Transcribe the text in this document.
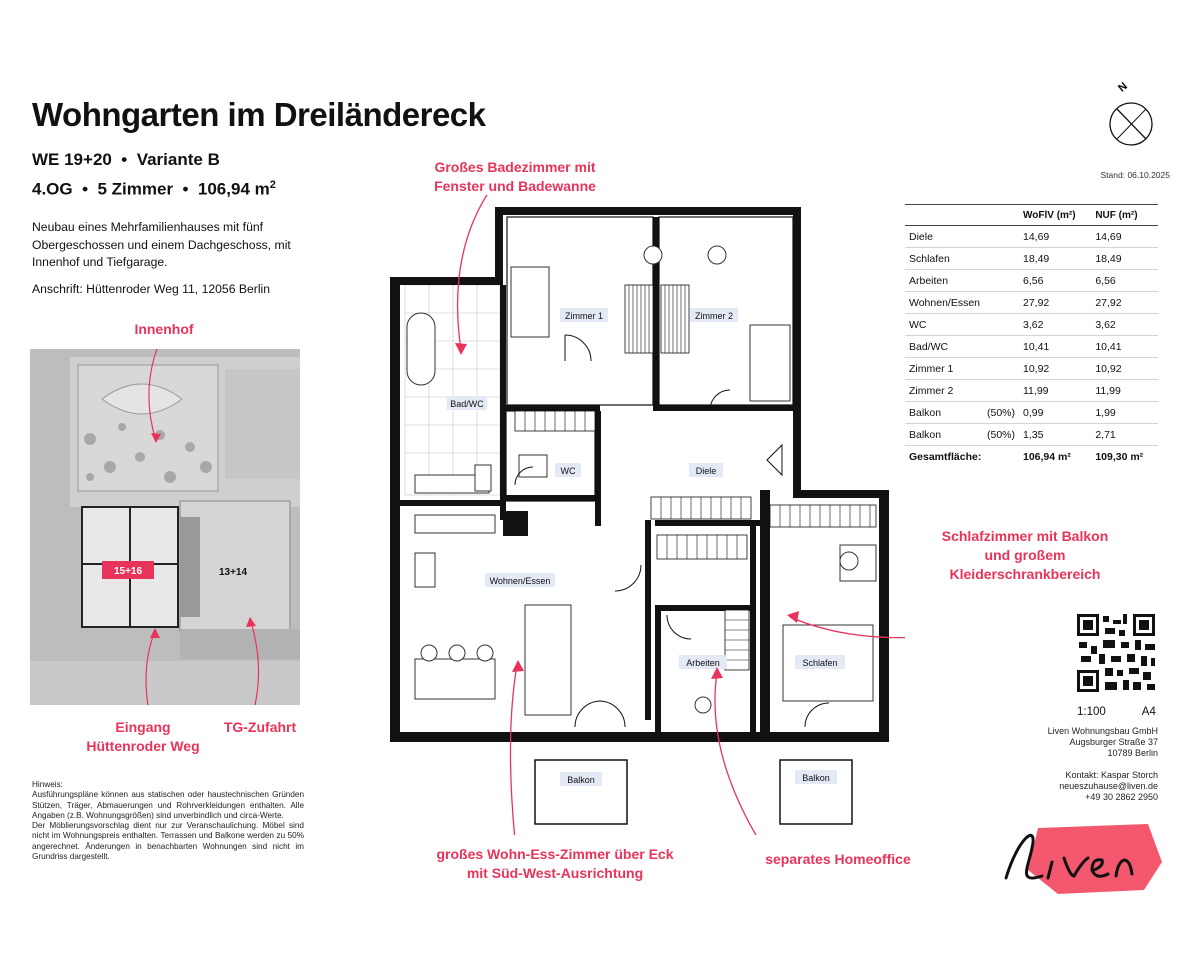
Wohngarten im Dreiländereck
WE 19+20  •  Variante B
4.OG  •  5 Zimmer  •  106,94 $m^2$
Neubau eines Mehrfamilienhauses mit fünf Obergeschossen und einem Dachgeschoss, mit Innenhof und Tiefgarage.
Anschrift: Hüttenroder Weg 11, 12056 Berlin
Innenhof
Eingang
Hüttenroder Weg
TG-Zufahrt
15+16	13+14
Hinweis:
Ausführungspläne können aus statischen oder haustechnischen Gründen Stützen, Träger, Abmauerungen und Rohrverkleidungen enthalten. Alle Angaben (z.B. Wohnungsgrößen) sind unverbindlich und circa-Werte.
Der Möblierungsvorschlag dient nur zur Veranschaulichung. Möbel sind nicht im Wohnungspreis enthalten. Terrassen und Balkone werden zu 50% angerechnet. Änderungen in benachbarten Wohnungen sind nicht im Grundriss dargestellt.
Großes Badezimmer mit
Fenster und Badewanne
Schlafzimmer mit Balkon
und großem
Kleiderschrankbereich
großes Wohn-Ess-Zimmer über Eck
mit Süd-West-Ausrichtung
separates Homeoffice
Zimmer 1	Zimmer 2
Bad/WC
WC	Diele
Wohnen/Essen
Arbeiten	Schlafen
Balkon	Balkon
N
Stand: 06.10.2025
	WoFlV (m²)	NUF (m²)
Diele	14,69	14,69
Schlafen	18,49	18,49
Arbeiten	6,56	6,56
Wohnen/Essen	27,92	27,92
WC	3,62	3,62
Bad/WC	10,41	10,41
Zimmer 1	10,92	10,92
Zimmer 2	11,99	11,99
Balkon (50%)	0,99	1,99
Balkon (50%)	1,35	2,71
Gesamtfläche:	106,94 m²	109,30 m²
1:100	A4
Liven Wohnungsbau GmbH
Augsburger Straße 37
10789 Berlin
Kontakt: Kaspar Storch
neueszuhause@liven.de
+49 30 2862 2950
